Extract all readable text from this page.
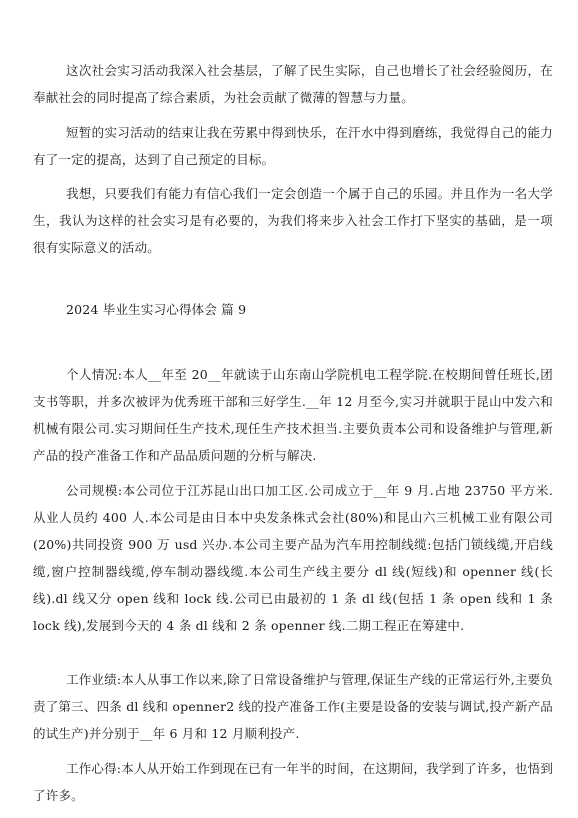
这次社会实习活动我深入社会基层，了解了民生实际，自己也增长了社会经验阅历，在奉献社会的同时提高了综合素质，为社会贡献了微薄的智慧与力量。

短暂的实习活动的结束让我在劳累中得到快乐，在汗水中得到磨练，我觉得自己的能力有了一定的提高，达到了自己预定的目标。

我想，只要我们有能力有信心我们一定会创造一个属于自己的乐园。并且作为一名大学生，我认为这样的社会实习是有必要的，为我们将来步入社会工作打下坚实的基础，是一项很有实际意义的活动。

2024 毕业生实习心得体会 篇 9

个人情况:本人__年至 20__年就读于山东南山学院机电工程学院.在校期间曾任班长,团支书等职，并多次被评为优秀班干部和三好学生.__年 12 月至今,实习并就职于昆山中发六和机械有限公司.实习期间任生产技术,现任生产技术担当.主要负责本公司和设备维护与管理,新产品的投产准备工作和产品品质问题的分析与解决.

公司规模:本公司位于江苏昆山出口加工区.公司成立于__年 9 月.占地 23750 平方米.从业人员约 400 人.本公司是由日本中央发条株式会社(80%)和昆山六三机械工业有限公司(20%)共同投资 900 万 usd 兴办.本公司主要产品为汽车用控制线缆:包括门锁线缆,开启线缆,窗户控制器线缆,停车制动器线缆.本公司生产线主要分 dl 线(短线)和 openner 线(长线).dl 线又分 open 线和 lock 线.公司已由最初的 1 条 dl 线(包括 1 条 open 线和 1 条 lock 线),发展到今天的 4 条 dl 线和 2 条 openner 线.二期工程正在筹建中.

工作业绩:本人从事工作以来,除了日常设备维护与管理,保证生产线的正常运行外,主要负责了第三、四条 dl 线和 openner2 线的投产准备工作(主要是设备的安装与调试,投产新产品的试生产)并分别于__年 6 月和 12 月顺利投产.

工作心得:本人从开始工作到现在已有一年半的时间，在这期间，我学到了许多，也悟到了许多。
